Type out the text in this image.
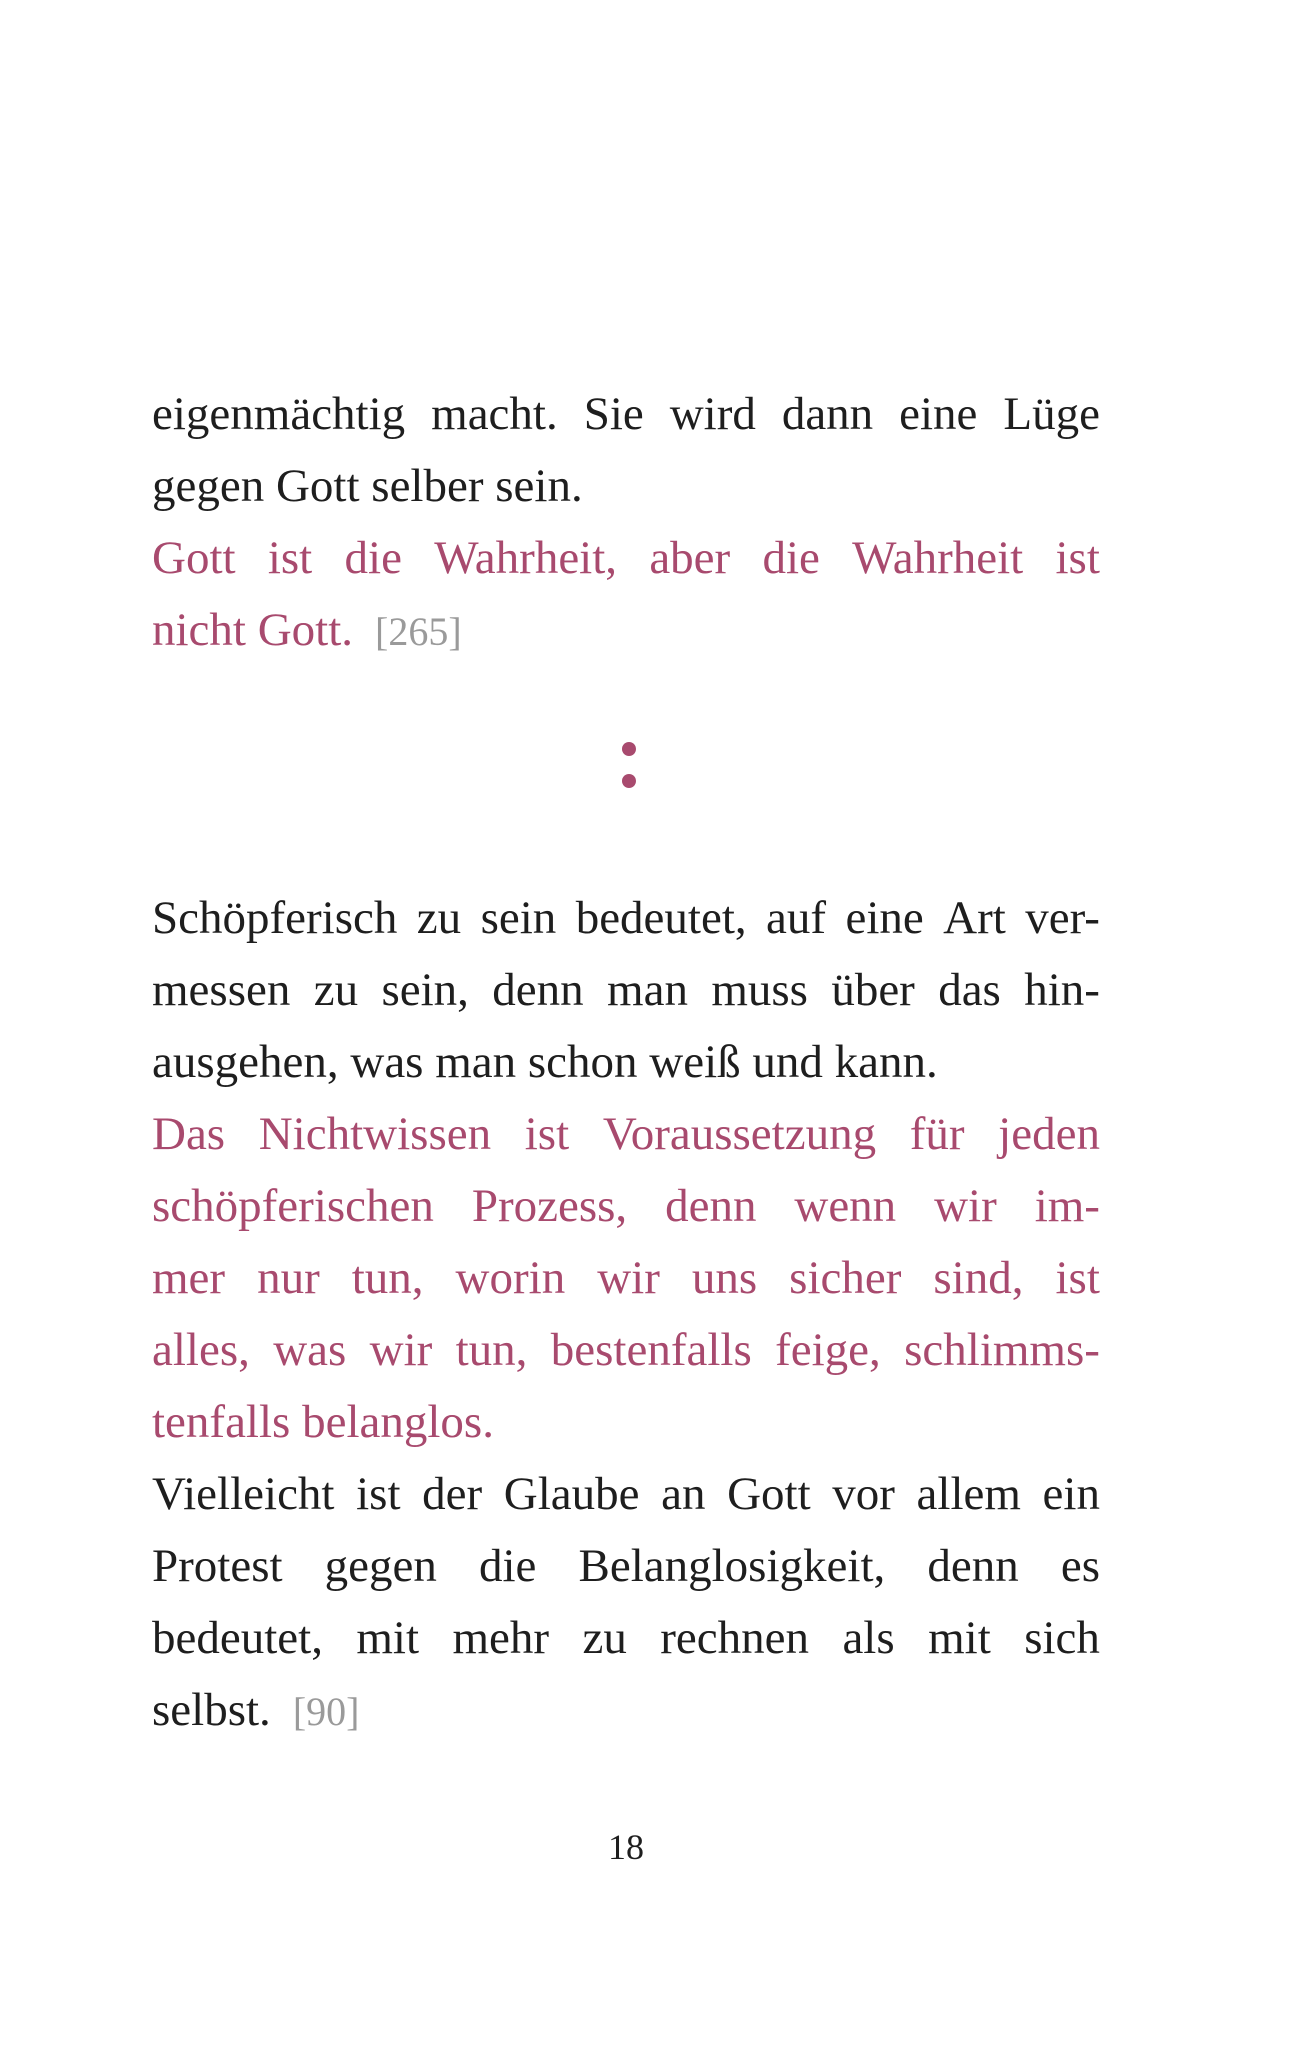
eigenmächtig macht. Sie wird dann eine Lüge
gegen Gott selber sein.
Gott ist die Wahrheit, aber die Wahrheit ist
nicht Gott. [265]
Schöpferisch zu sein bedeutet, auf eine Art ver-
messen zu sein, denn man muss über das hin-
ausgehen, was man schon weiß und kann.
Das Nichtwissen ist Voraussetzung für jeden
schöpferischen Prozess, denn wenn wir im-
mer nur tun, worin wir uns sicher sind, ist
alles, was wir tun, bestenfalls feige, schlimms-
tenfalls belanglos.
Vielleicht ist der Glaube an Gott vor allem ein
Protest gegen die Belanglosigkeit, denn es
bedeutet, mit mehr zu rechnen als mit sich
selbst. [90]
18
